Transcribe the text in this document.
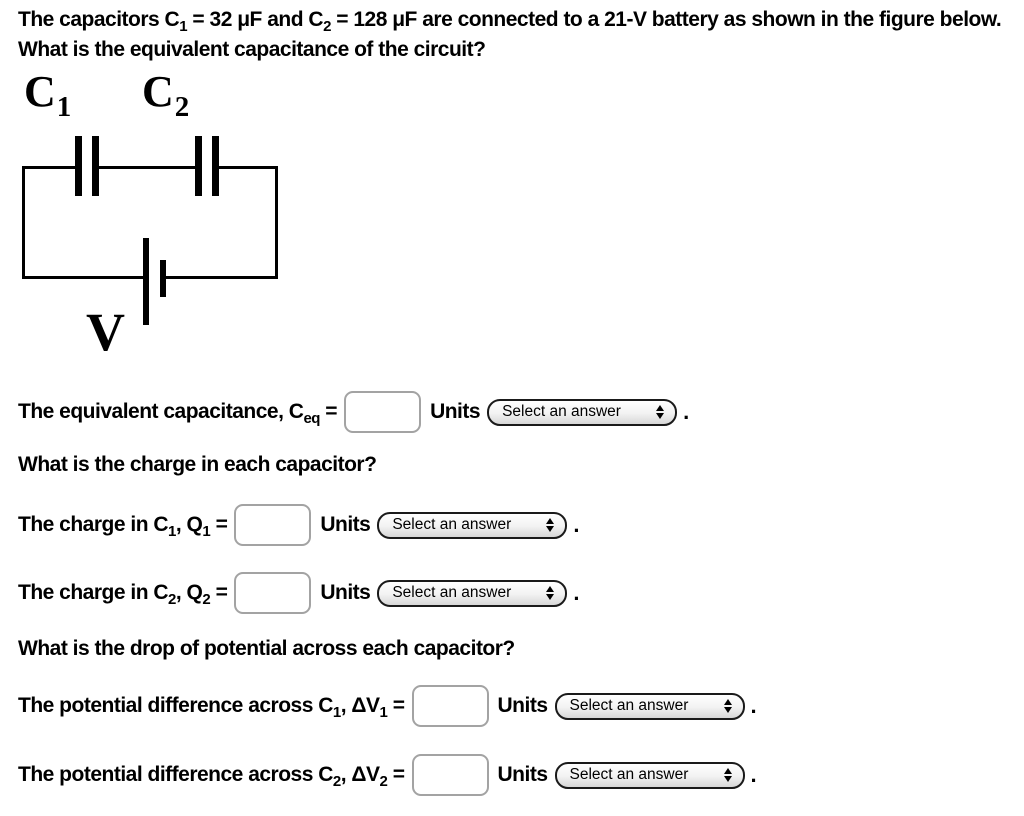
The capacitors $C_1 = 32$ μF and $C_2 = 128$ μF are connected to a 21-V battery as shown in the figure below.
What is the equivalent capacitance of the circuit?
$C_1$ $C_2$
V
The equivalent capacitance, $C_{eq}$ =	Units Select an answer	.
What is the charge in each capacitor?
The charge in $C_1$, $Q_1$ =	Units Select an answer	.
The charge in $C_2$, $Q_2$ =	Units Select an answer	.
What is the drop of potential across each capacitor?
The potential difference across $C_1$, $\Delta V_1$ =	Units Select an answer	.
The potential difference across $C_2$, $\Delta V_2$ =	Units Select an answer	.
